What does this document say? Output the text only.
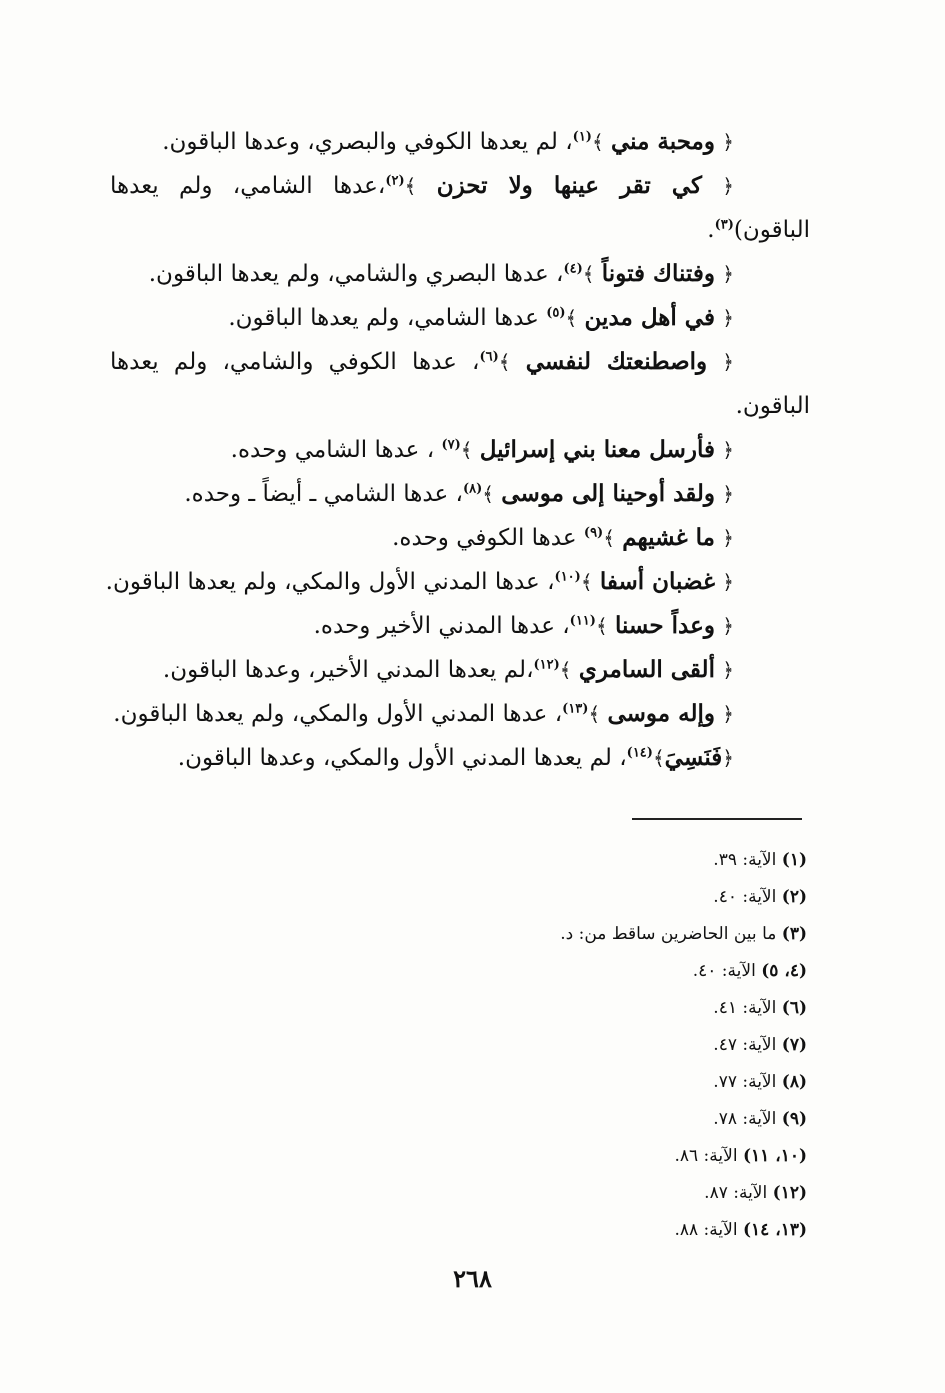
﴿ ومحبة مني ﴾$^{(١)}$، لم يعدها الكوفي والبصري، وعدها الباقون.
﴿ كي تقر عينها ولا تحزن ﴾$^{(٢)}$،عدها الشامي، ولم يعدها
الباقون)$^{(٣)}$.
﴿ وفتناك فتوناً ﴾$^{(٤)}$، عدها البصري والشامي، ولم يعدها الباقون.
﴿ في أهل مدين ﴾$^{(٥)}$ عدها الشامي، ولم يعدها الباقون.
﴿ واصطنعتك لنفسي ﴾$^{(٦)}$، عدها الكوفي والشامي، ولم يعدها
الباقون.
﴿ فأرسل معنا بني إسرائيل ﴾$^{(٧)}$ ، عدها الشامي وحده.
﴿ ولقد أوحينا إلى موسى ﴾$^{(٨)}$، عدها الشامي ـ أيضاً ـ وحده.
﴿ ما غشيهم ﴾$^{(٩)}$ عدها الكوفي وحده.
﴿ غضبان أسفا ﴾$^{(١٠)}$، عدها المدني الأول والمكي، ولم يعدها الباقون.
﴿ وعداً حسنا ﴾$^{(١١)}$، عدها المدني الأخير وحده.
﴿ ألقى السامري ﴾$^{(١٢)}$،لم يعدها المدني الأخير، وعدها الباقون.
﴿ وإله موسى ﴾$^{(١٣)}$، عدها المدني الأول والمكي، ولم يعدها الباقون.
﴿فَنَسِيَ﴾$^{(١٤)}$، لم يعدها المدني الأول والمكي، وعدها الباقون.
(١) الآية: ٣٩.
(٢) الآية: ٤٠.
(٣) ما بين الحاضرين ساقط من: د.
(٤، ٥) الآية: ٤٠.
(٦) الآية: ٤١.
(٧) الآية: ٤٧.
(٨) الآية: ٧٧.
(٩) الآية: ٧٨.
(١٠، ١١) الآية: ٨٦.
(١٢) الآية: ٨٧.
(١٣، ١٤) الآية: ٨٨.
٢٦٨
